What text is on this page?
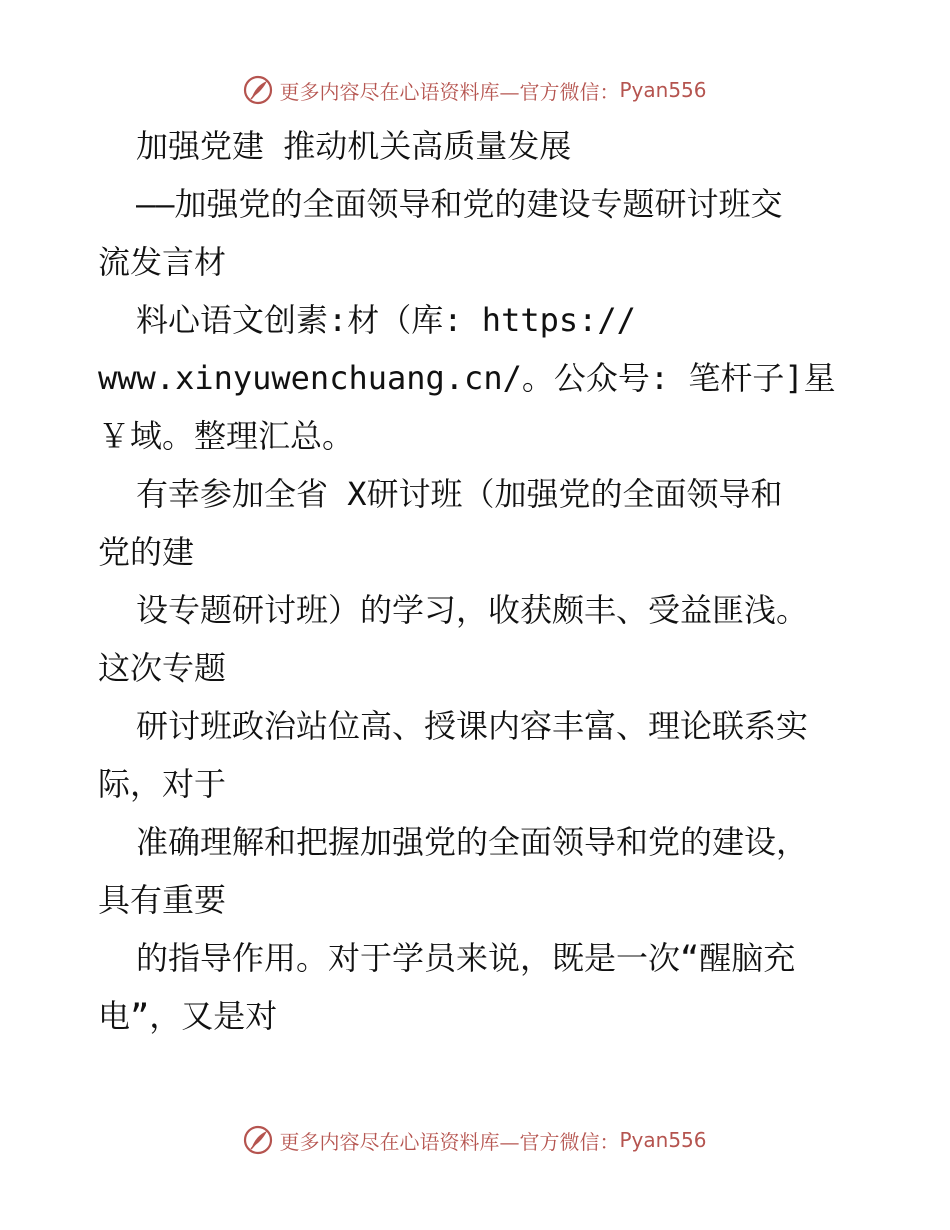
更多内容尽在心语资料库—官方微信： Pyan556
加强党建 推动机关高质量发展
——加强党的全面领导和党的建设专题研讨班交
流发言材
料心语文创素:材（库: https://
www.xinyuwenchuang.cn/。公众号: 笔杆子]星
￥域。整理汇总。
有幸参加全省 X研讨班（加强党的全面领导和
党的建
设专题研讨班）的学习，收获颇丰、受益匪浅。
这次专题
研讨班政治站位高、授课内容丰富、理论联系实
际，对于
准确理解和把握加强党的全面领导和党的建设，
具有重要
的指导作用。对于学员来说，既是一次“醒脑充
电”，又是对
更多内容尽在心语资料库—官方微信： Pyan556
